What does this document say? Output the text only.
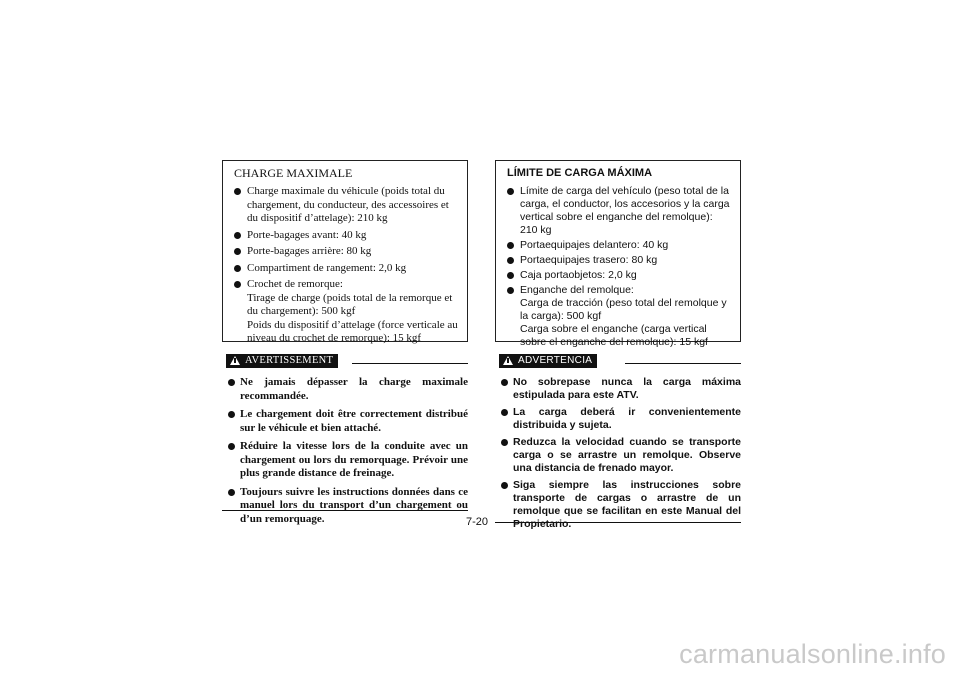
CHARGE MAXIMALE
Charge maximale du véhicule (poids total du chargement, du conducteur, des accessoires et du dispositif d’attelage): 210 kg
Porte-bagages avant: 40 kg
Porte-bagages arrière: 80 kg
Compartiment de rangement: 2,0 kg
Crochet de remorque:
Tirage de charge (poids total de la remorque et du chargement): 500 kgf
Poids du dispositif d’attelage (force verticale au niveau du crochet de remorque): 15 kgf
AVERTISSEMENT
Ne jamais dépasser la charge maximale recommandée.
Le chargement doit être correctement distribué sur le véhicule et bien attaché.
Réduire la vitesse lors de la conduite avec un chargement ou lors du remorquage. Prévoir une plus grande distance de freinage.
Toujours suivre les instructions données dans ce manuel lors du transport d’un chargement ou d’un remorquage.
LÍMITE DE CARGA MÁXIMA
Límite de carga del vehículo (peso total de la carga, el conductor, los accesorios y la carga vertical sobre el enganche del remolque): 210 kg
Portaequipajes delantero: 40 kg
Portaequipajes trasero: 80 kg
Caja portaobjetos: 2,0 kg
Enganche del remolque:
Carga de tracción (peso total del remolque y la carga): 500 kgf
Carga sobre el enganche (carga vertical sobre el enganche del remolque): 15 kgf
ADVERTENCIA
No sobrepase nunca la carga máxima estipulada para este ATV.
La carga deberá ir convenientemente distribuida y sujeta.
Reduzca la velocidad cuando se transporte carga o se arrastre un remolque. Observe una distancia de frenado mayor.
Siga siempre las instrucciones sobre transporte de cargas o arrastre de un remolque que se facilitan en este Manual del Propietario.
7-20
carmanualsonline.info
